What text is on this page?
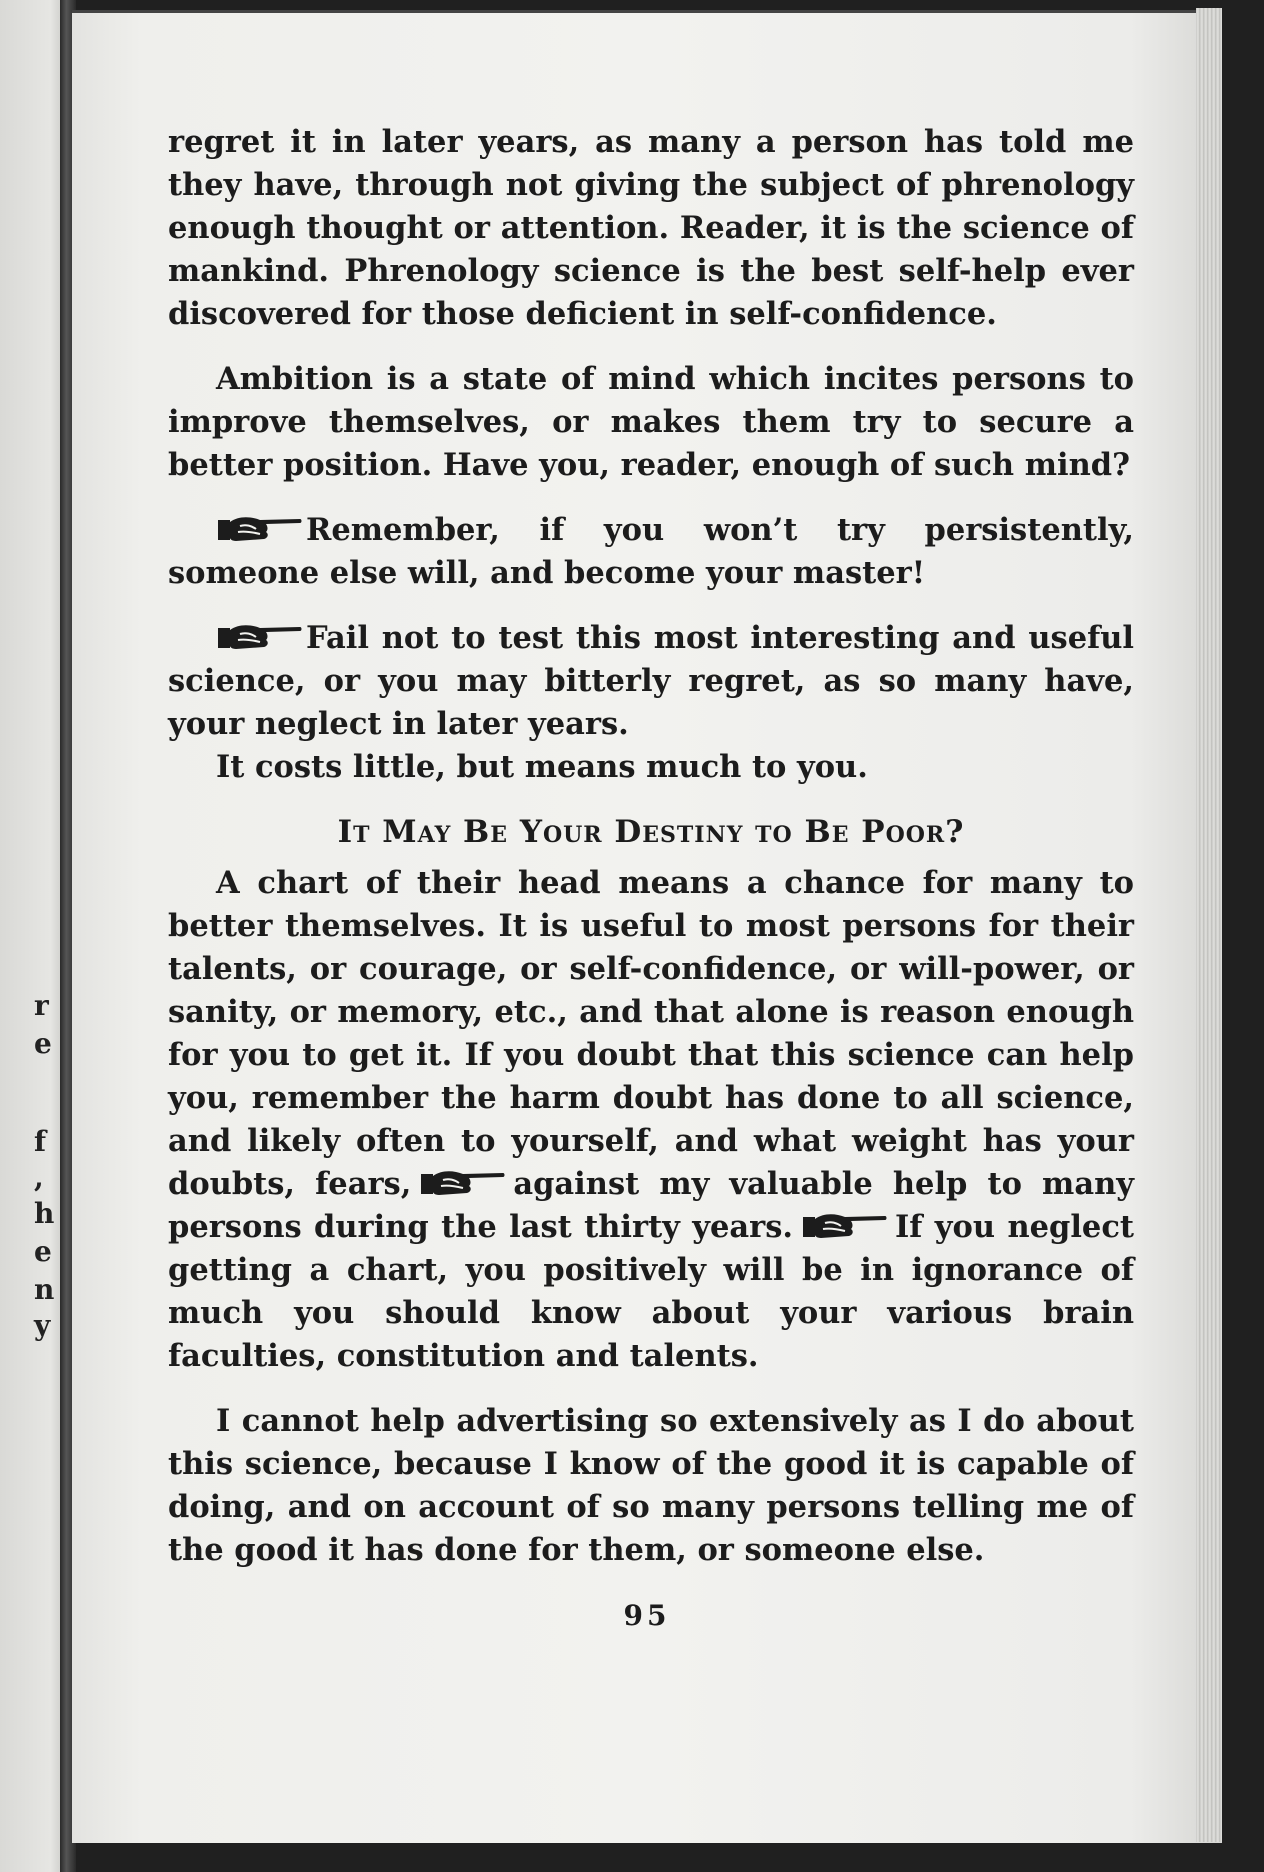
r
e
f
,
h
e
n
y

regret it in later years, as many a person has told me they have, through not giving the subject of phrenology enough thought or attention. Reader, it is the science of mankind. Phrenology science is the best self-help ever discovered for those deficient in self-confidence.

Ambition is a state of mind which incites persons to improve themselves, or makes them try to secure a better position. Have you, reader, enough of such mind?

Remember, if you won’t try persistently, someone else will, and become your master!

Fail not to test this most interesting and useful science, or you may bitterly regret, as so many have, your neglect in later years.

It costs little, but means much to you.

It May Be Your Destiny to Be Poor?

A chart of their head means a chance for many to better themselves. It is useful to most persons for their talents, or courage, or self-confidence, or will-power, or sanity, or memory, etc., and that alone is reason enough for you to get it. If you doubt that this science can help you, remember the harm doubt has done to all science, and likely often to yourself, and what weight has your doubts, fears,	against my valuable help to many persons during the last thirty years.	If you neglect getting a chart, you positively will be in ignorance of much you should know about your various brain faculties, constitution and talents.

I cannot help advertising so extensively as I do about this science, because I know of the good it is capable of doing, and on account of so many persons telling me of the good it has done for them, or someone else.

95
